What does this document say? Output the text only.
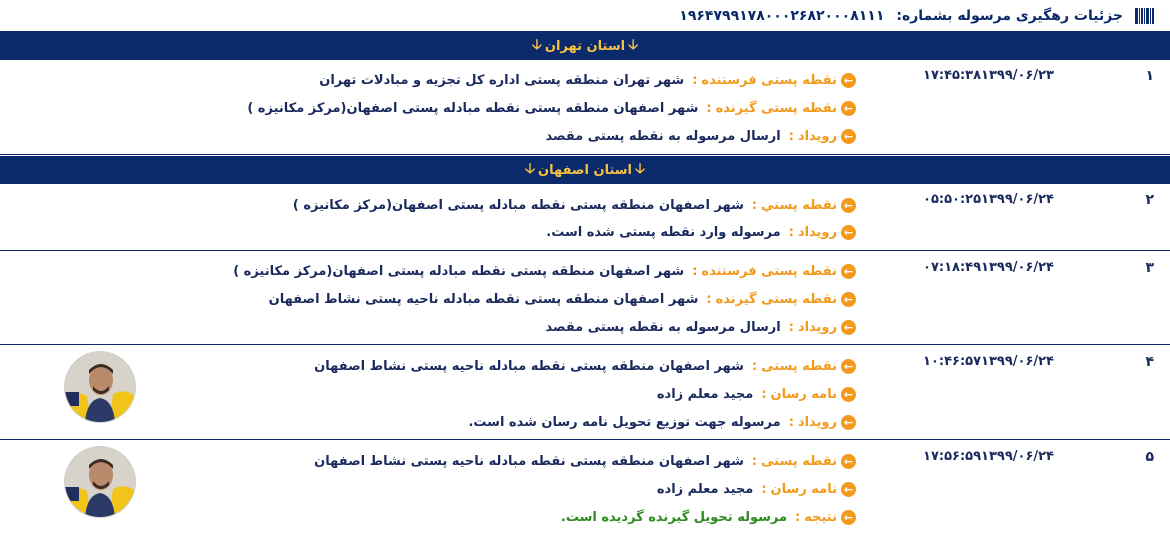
جزئیات رهگیری مرسوله بشماره:
۱۹۶۴۷۹۹۱۷۸۰۰۰۲۶۸۲۰۰۰۸۱۱۱
🡣
استان تهران
🡣
۱
۱۷:۴۵:۳۸۱۳۹۹/۰۶/۲۳
←
نقطه پستی فرستنده
:
شهر تهران منطقه پستی اداره کل تجزیه و مبادلات تهران
←
نقطه پستی گیرنده
:
شهر اصفهان منطقه پستی نقطه مبادله پستی اصفهان(مرکز مکانیزه )
←
رویداد
:
ارسال مرسوله به نقطه پستی مقصد
🡣
استان اصفهان
🡣
۲
۰۵:۵۰:۲۵۱۳۹۹/۰۶/۲۴
←
نقطه پستي
:
شهر اصفهان منطقه پستی نقطه مبادله پستی اصفهان(مرکز مکانیزه )
←
رویداد
:
مرسوله وارد نقطه پستی شده است.
۳
۰۷:۱۸:۴۹۱۳۹۹/۰۶/۲۴
←
نقطه پستی فرستنده
:
شهر اصفهان منطقه پستی نقطه مبادله پستی اصفهان(مرکز مکانیزه )
←
نقطه پستی گیرنده
:
شهر اصفهان منطقه پستی نقطه مبادله ناحیه پستی نشاط اصفهان
←
رویداد
:
ارسال مرسوله به نقطه پستی مقصد
۴
۱۰:۴۶:۵۷۱۳۹۹/۰۶/۲۴
←
نقطه پستی
:
شهر اصفهان منطقه پستی نقطه مبادله ناحیه پستی نشاط اصفهان
←
نامه رسان
:
مجید معلم زاده
←
رویداد
:
مرسوله جهت توزیع تحویل نامه رسان شده است.
۵
۱۷:۵۶:۵۹۱۳۹۹/۰۶/۲۴
←
نقطه پستی
:
شهر اصفهان منطقه پستی نقطه مبادله ناحیه پستی نشاط اصفهان
←
نامه رسان
:
مجید معلم زاده
←
نتیجه
:
مرسوله تحویل گیرنده گردیده است.
